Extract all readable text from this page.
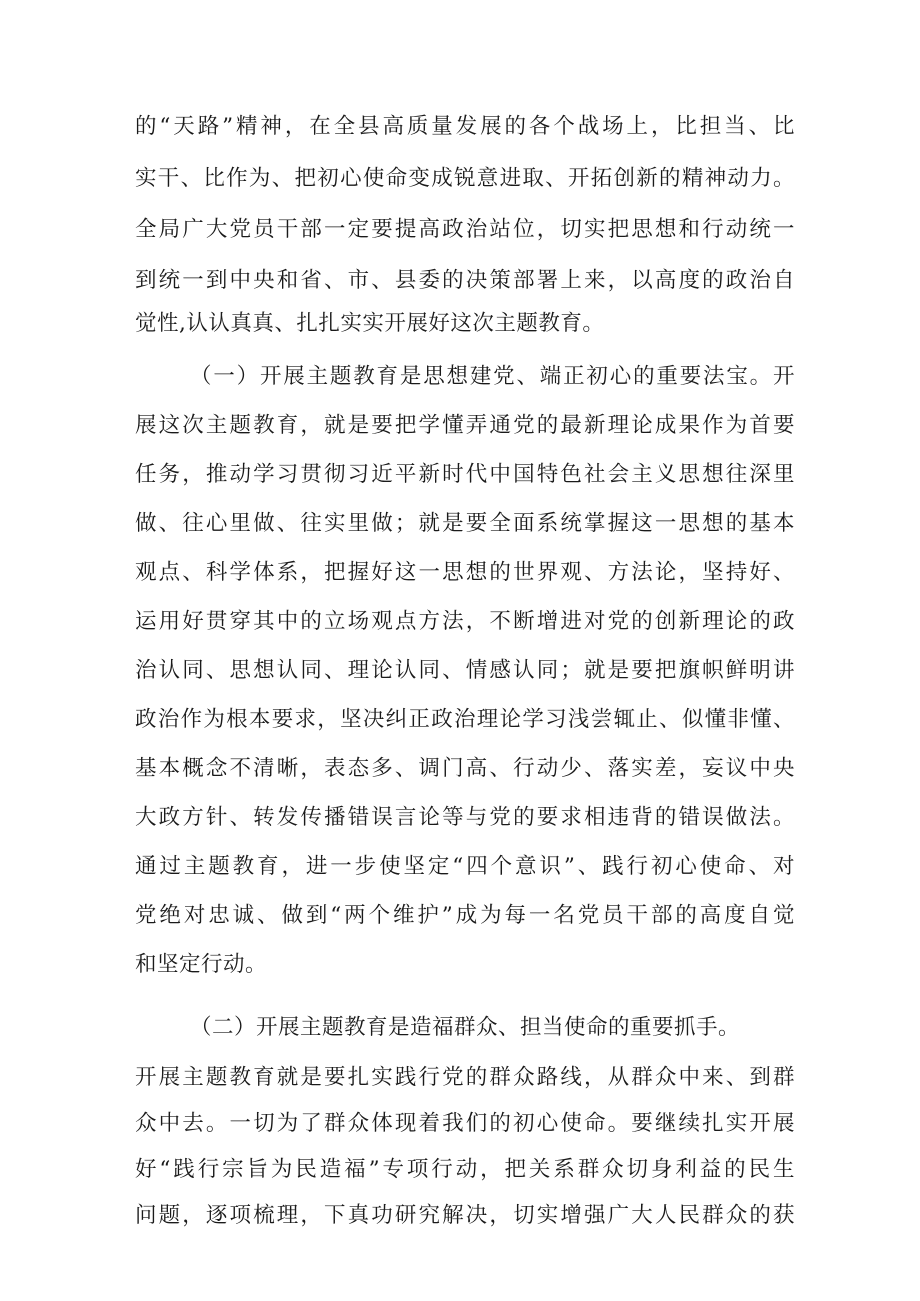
的“天路”精神，在全县高质量发展的各个战场上，比担当、比
实干、比作为、把初心使命变成锐意进取、开拓创新的精神动力。
全局广大党员干部一定要提高政治站位，切实把思想和行动统一
到统一到中央和省、市、县委的决策部署上来，以高度的政治自
觉性,认认真真、扎扎实实开展好这次主题教育。
（一）开展主题教育是思想建党、端正初心的重要法宝。开
展这次主题教育，就是要把学懂弄通党的最新理论成果作为首要
任务，推动学习贯彻习近平新时代中国特色社会主义思想往深里
做、往心里做、往实里做；就是要全面系统掌握这一思想的基本
观点、科学体系，把握好这一思想的世界观、方法论，坚持好、
运用好贯穿其中的立场观点方法，不断增进对党的创新理论的政
治认同、思想认同、理论认同、情感认同；就是要把旗帜鲜明讲
政治作为根本要求，坚决纠正政治理论学习浅尝辄止、似懂非懂、
基本概念不清晰，表态多、调门高、行动少、落实差，妄议中央
大政方针、转发传播错误言论等与党的要求相违背的错误做法。
通过主题教育，进一步使坚定“四个意识”、践行初心使命、对
党绝对忠诚、做到“两个维护”成为每一名党员干部的高度自觉
和坚定行动。
（二）开展主题教育是造福群众、担当使命的重要抓手。
开展主题教育就是要扎实践行党的群众路线，从群众中来、到群
众中去。一切为了群众体现着我们的初心使命。要继续扎实开展
好“践行宗旨为民造福”专项行动，把关系群众切身利益的民生
问题，逐项梳理，下真功研究解决，切实增强广大人民群众的获
